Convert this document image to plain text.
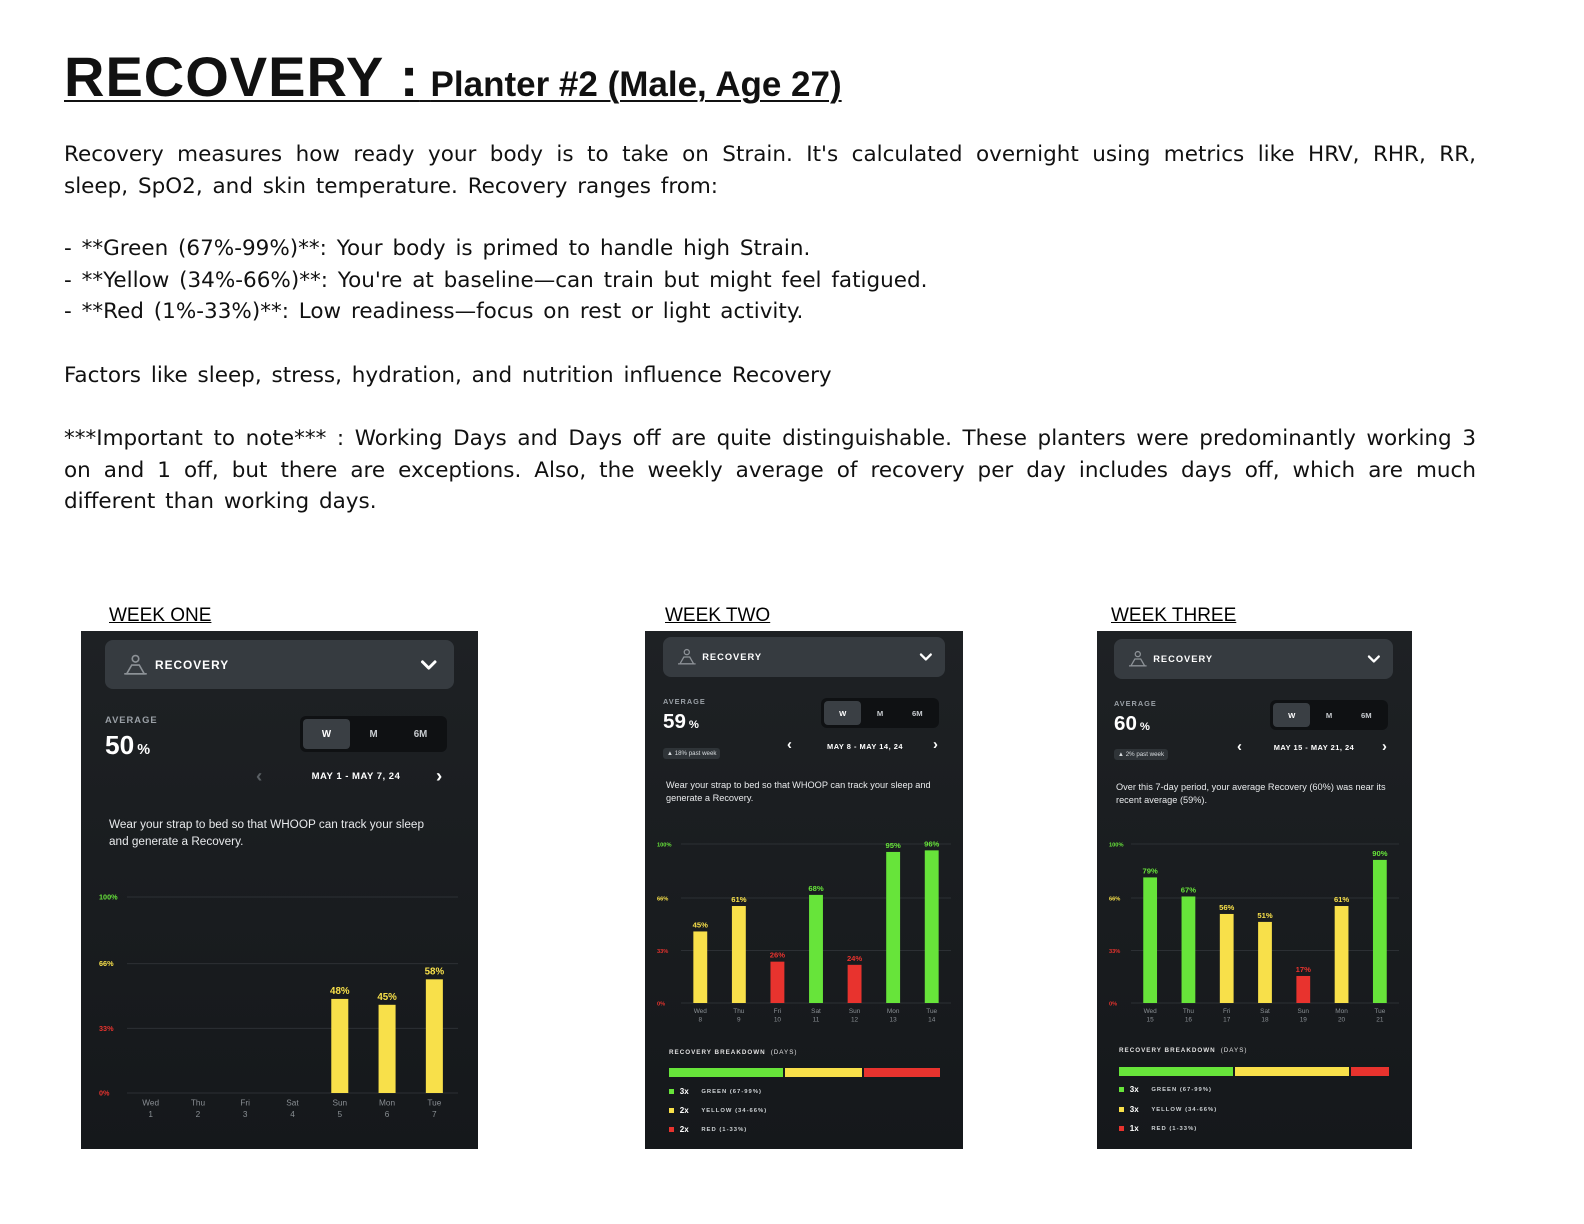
RECOVERY : Planter #2 (Male, Age 27)

Recovery measures how ready your body is to take on Strain. It's calculated overnight using metrics like HRV, RHR, RR, sleep, SpO2, and skin temperature. Recovery ranges from:

- **Green (67%-99%)**: Your body is primed to handle high Strain.

- **Yellow (34%-66%)**: You're at baseline—can train but might feel fatigued.

- **Red (1%-33%)**: Low readiness—focus on rest or light activity.

Factors like sleep, stress, hydration, and nutrition influence Recovery

***Important to note*** : Working Days and Days off are quite distinguishable. These planters were predominantly working 3 on and 1 off, but there are exceptions. Also, the weekly average of recovery per day includes days off, which are much different than working days.

WEEK ONE	WEEK TWO	WEEK THREE
RECOVERY
AVERAGE
50 %
W	M	6M
‹	›
MAY 1 - MAY 7, 24
Wear your strap to bed so that WHOOP can track your sleep and generate a Recovery.
100%
66%
33%
0%
Wed
1
Thu
2
Fri
3
Sat
4
48%
Sun
5
45%
Mon
6
58%
Tue
7
RECOVERY
AVERAGE
59 %
▲ 18% past week
W	M	6M
‹	›
MAY 8 - MAY 14, 24
Wear your strap to bed so that WHOOP can track your sleep and generate a Recovery.
100%
66%
33%
0%
45%
Wed
8
61%
Thu
9
26%
Fri
10
68%
Sat
11
24%
Sun
12
95%
Mon
13
96%
Tue
14
RECOVERY BREAKDOWN (DAYS)
3x	GREEN (67-99%)
2x	YELLOW (34-66%)
2x	RED (1-33%)
RECOVERY
AVERAGE
60 %
▲ 2% past week
W	M	6M
‹	›
MAY 15 - MAY 21, 24
Over this 7-day period, your average Recovery (60%) was near its recent average (59%).
100%
66%
33%
0%
79%
Wed
15
67%
Thu
16
56%
Fri
17
51%
Sat
18
17%
Sun
19
61%
Mon
20
90%
Tue
21
RECOVERY BREAKDOWN (DAYS)
3x	GREEN (67-99%)
3x	YELLOW (34-66%)
1x	RED (1-33%)
